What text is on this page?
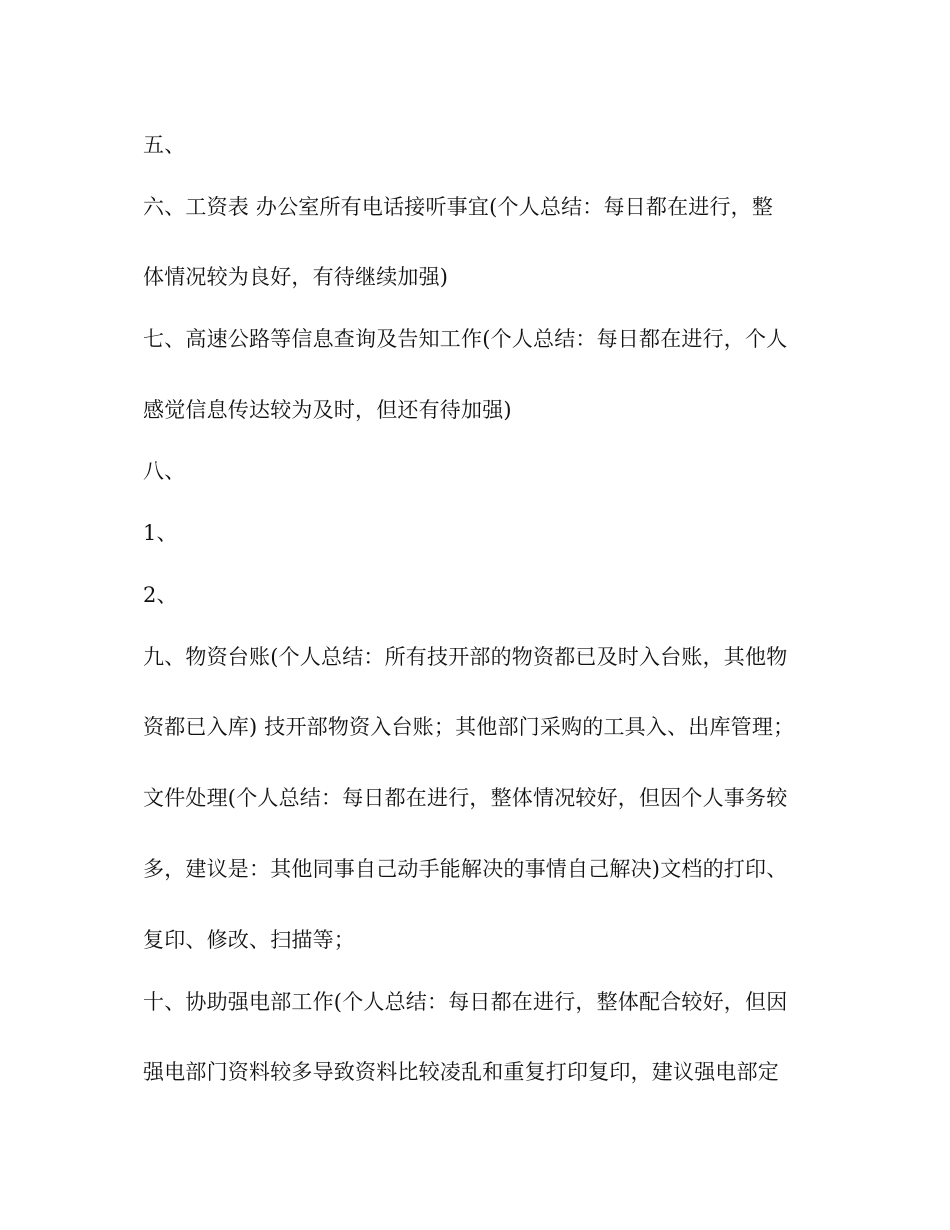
五、
六、工资表 办公室所有电话接听事宜(个人总结：每日都在进行，整
体情况较为良好，有待继续加强)
七、高速公路等信息查询及告知工作(个人总结：每日都在进行，个人
感觉信息传达较为及时，但还有待加强)
八、
1、
2、
九、物资台账(个人总结：所有技开部的物资都已及时入台账，其他物
资都已入库) 技开部物资入台账；其他部门采购的工具入、出库管理；
文件处理(个人总结：每日都在进行，整体情况较好，但因个人事务较
多，建议是：其他同事自己动手能解决的事情自己解决)文档的打印、
复印、修改、扫描等；
十、协助强电部工作(个人总结：每日都在进行，整体配合较好，但因
强电部门资料较多导致资料比较凌乱和重复打印复印，建议强电部定
